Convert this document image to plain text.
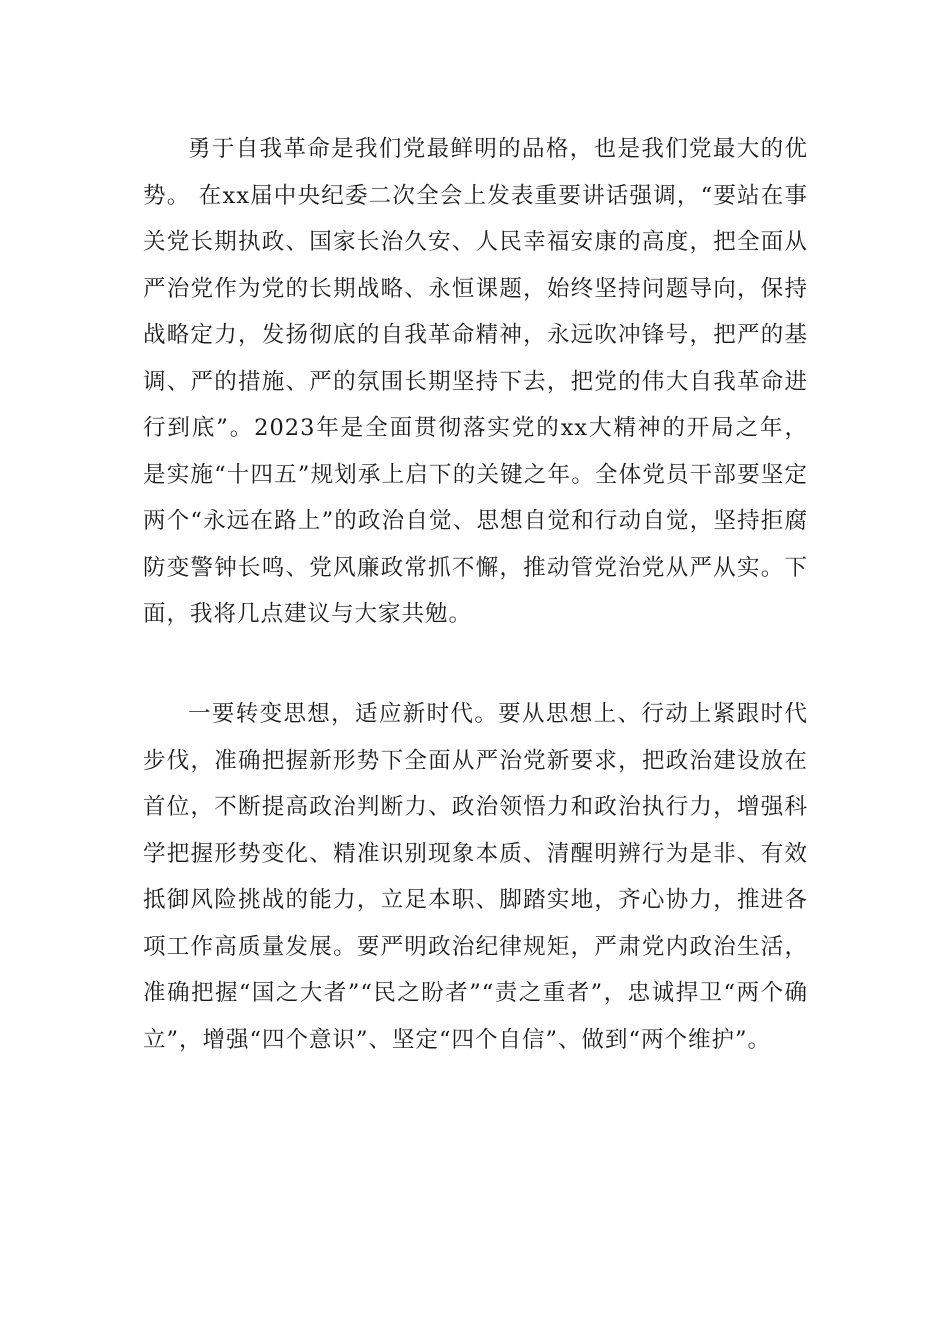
勇于自我革命是我们党最鲜明的品格，也是我们党最大的优势。 在xx届中央纪委二次全会上发表重要讲话强调，“要站在事关党长期执政、国家长治久安、人民幸福安康的高度，把全面从严治党作为党的长期战略、永恒课题，始终坚持问题导向，保持战略定力，发扬彻底的自我革命精神，永远吹冲锋号，把严的基调、严的措施、严的氛围长期坚持下去，把党的伟大自我革命进行到底”。2023年是全面贯彻落实党的xx大精神的开局之年，是实施“十四五”规划承上启下的关键之年。全体党员干部要坚定两个“永远在路上”的政治自觉、思想自觉和行动自觉，坚持拒腐防变警钟长鸣、党风廉政常抓不懈，推动管党治党从严从实。下面，我将几点建议与大家共勉。

一要转变思想，适应新时代。要从思想上、行动上紧跟时代步伐，准确把握新形势下全面从严治党新要求，把政治建设放在首位，不断提高政治判断力、政治领悟力和政治执行力，增强科学把握形势变化、精准识别现象本质、清醒明辨行为是非、有效抵御风险挑战的能力，立足本职、脚踏实地，齐心协力，推进各项工作高质量发展。要严明政治纪律规矩，严肃党内政治生活，准确把握“国之大者”“民之盼者”“责之重者”，忠诚捍卫“两个确立”，增强“四个意识”、坚定“四个自信”、做到“两个维护”。
